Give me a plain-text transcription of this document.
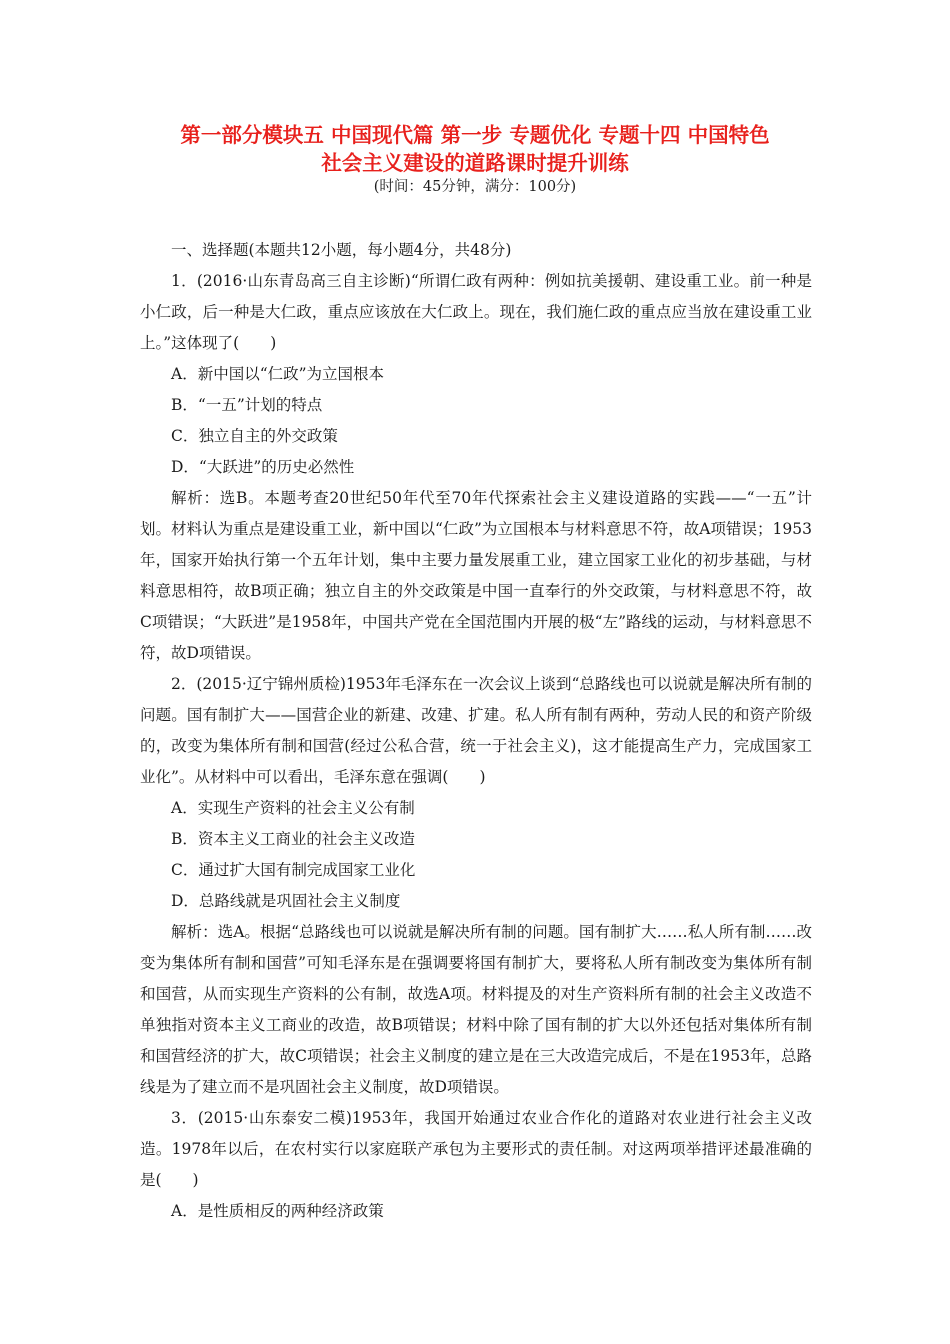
第一部分模块五 中国现代篇 第一步 专题优化 专题十四 中国特色
社会主义建设的道路课时提升训练
(时间：45分钟，满分：100分)

一、选择题(本题共12小题，每小题4分，共48分)

1．(2016·山东青岛高三自主诊断)“所谓仁政有两种：例如抗美援朝、建设重工业。前一种是小仁政，后一种是大仁政，重点应该放在大仁政上。现在，我们施仁政的重点应当放在建设重工业上。”这体现了(　　)

A．新中国以“仁政”为立国根本

B．“一五”计划的特点

C．独立自主的外交政策

D．“大跃进”的历史必然性

解析：选B。本题考查20世纪50年代至70年代探索社会主义建设道路的实践——“一五”计划。材料认为重点是建设重工业，新中国以“仁政”为立国根本与材料意思不符，故A项错误；1953年，国家开始执行第一个五年计划，集中主要力量发展重工业，建立国家工业化的初步基础，与材料意思相符，故B项正确；独立自主的外交政策是中国一直奉行的外交政策，与材料意思不符，故C项错误；“大跃进”是1958年，中国共产党在全国范围内开展的极“左”路线的运动，与材料意思不符，故D项错误。

2．(2015·辽宁锦州质检)1953年毛泽东在一次会议上谈到“总路线也可以说就是解决所有制的问题。国有制扩大——国营企业的新建、改建、扩建。私人所有制有两种，劳动人民的和资产阶级的，改变为集体所有制和国营(经过公私合营，统一于社会主义)，这才能提高生产力，完成国家工业化”。从材料中可以看出，毛泽东意在强调(　　)

A．实现生产资料的社会主义公有制

B．资本主义工商业的社会主义改造

C．通过扩大国有制完成国家工业化

D．总路线就是巩固社会主义制度

解析：选A。根据“总路线也可以说就是解决所有制的问题。国有制扩大……私人所有制……改变为集体所有制和国营”可知毛泽东是在强调要将国有制扩大，要将私人所有制改变为集体所有制和国营，从而实现生产资料的公有制，故选A项。材料提及的对生产资料所有制的社会主义改造不单独指对资本主义工商业的改造，故B项错误；材料中除了国有制的扩大以外还包括对集体所有制和国营经济的扩大，故C项错误；社会主义制度的建立是在三大改造完成后，不是在1953年，总路线是为了建立而不是巩固社会主义制度，故D项错误。

3．(2015·山东泰安二模)1953年，我国开始通过农业合作化的道路对农业进行社会主义改造。1978年以后，在农村实行以家庭联产承包为主要形式的责任制。对这两项举措评述最准确的是(　　)

A．是性质相反的两种经济政策
